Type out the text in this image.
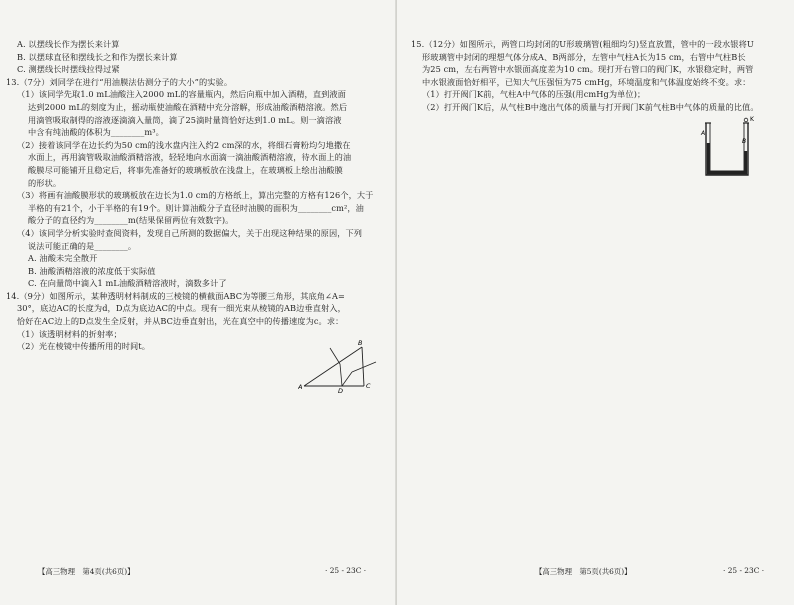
A. 以摆线长作为摆长来计算
B. 以摆球直径和摆线长之和作为摆长来计算
C. 测摆线长时摆线拉得过紧
13.（7分）刘同学在进行“用油膜法估测分子的大小”的实验。
（1）该同学先取1.0 mL油酸注入2000 mL的容量瓶内，然后向瓶中加入酒精，直到液面
达到2000 mL的刻度为止，摇动瓶使油酸在酒精中充分溶解，形成油酸酒精溶液。然后
用滴管吸取制得的溶液逐滴滴入量筒，滴了25滴时量筒恰好达到1.0 mL。则一滴溶液
中含有纯油酸的体积为________m³。
（2）接着该同学在边长约为50 cm的浅水盘内注入约2 cm深的水，将细石膏粉均匀地撒在
水面上，再用滴管吸取油酸酒精溶液，轻轻地向水面滴一滴油酸酒精溶液，待水面上的油
酸膜尽可能铺开且稳定后，将事先准备好的玻璃板放在浅盘上，在玻璃板上绘出油酸膜
的形状。
（3）将画有油酸膜形状的玻璃板放在边长为1.0 cm的方格纸上，算出完整的方格有126个，大于
半格的有21个，小于半格的有19个。则计算油酸分子直径时油膜的面积为________cm²，油
酸分子的直径约为________m(结果保留两位有效数字)。
（4）该同学分析实验时查阅资料，发现自己所测的数据偏大，关于出现这种结果的原因，下列
说法可能正确的是________。
A. 油酸未完全散开
B. 油酸酒精溶液的浓度低于实际值
C. 在向量筒中滴入1 mL油酸酒精溶液时，滴数多计了
14.（9分）如图所示，某种透明材料制成的三棱镜的横截面ABC为等腰三角形，其底角∠A=
30°，底边AC的长度为d，D点为底边AC的中点。现有一细光束从棱镜的AB边垂直射入，
恰好在AC边上的D点发生全反射，并从BC边垂直射出，光在真空中的传播速度为c。求：
（1）该透明材料的折射率；
（2）光在棱镜中传播所用的时间t。
A
B
C
D
【高三物理　第4页(共6页)】	· 25 - 23C ·
15.（12分）如图所示，两管口均封闭的U形玻璃管(粗细均匀)竖直放置，管中的一段水银将U
形玻璃管中封闭的理想气体分成A、B两部分，左管中气柱A长为15 cm，右管中气柱B长
为25 cm，左右两管中水银面高度差为10 cm。现打开右管口的阀门K，水银稳定时，两管
中水银液面恰好相平，已知大气压强恒为75 cmHg，环境温度和气体温度始终不变。求：
（1）打开阀门K前，气柱A中气体的压强(用cmHg为单位)；
（2）打开阀门K后，从气柱B中逸出气体的质量与打开阀门K前气柱B中气体的质量的比值。
A
B
K
【高三物理　第5页(共6页)】	· 25 - 23C ·
